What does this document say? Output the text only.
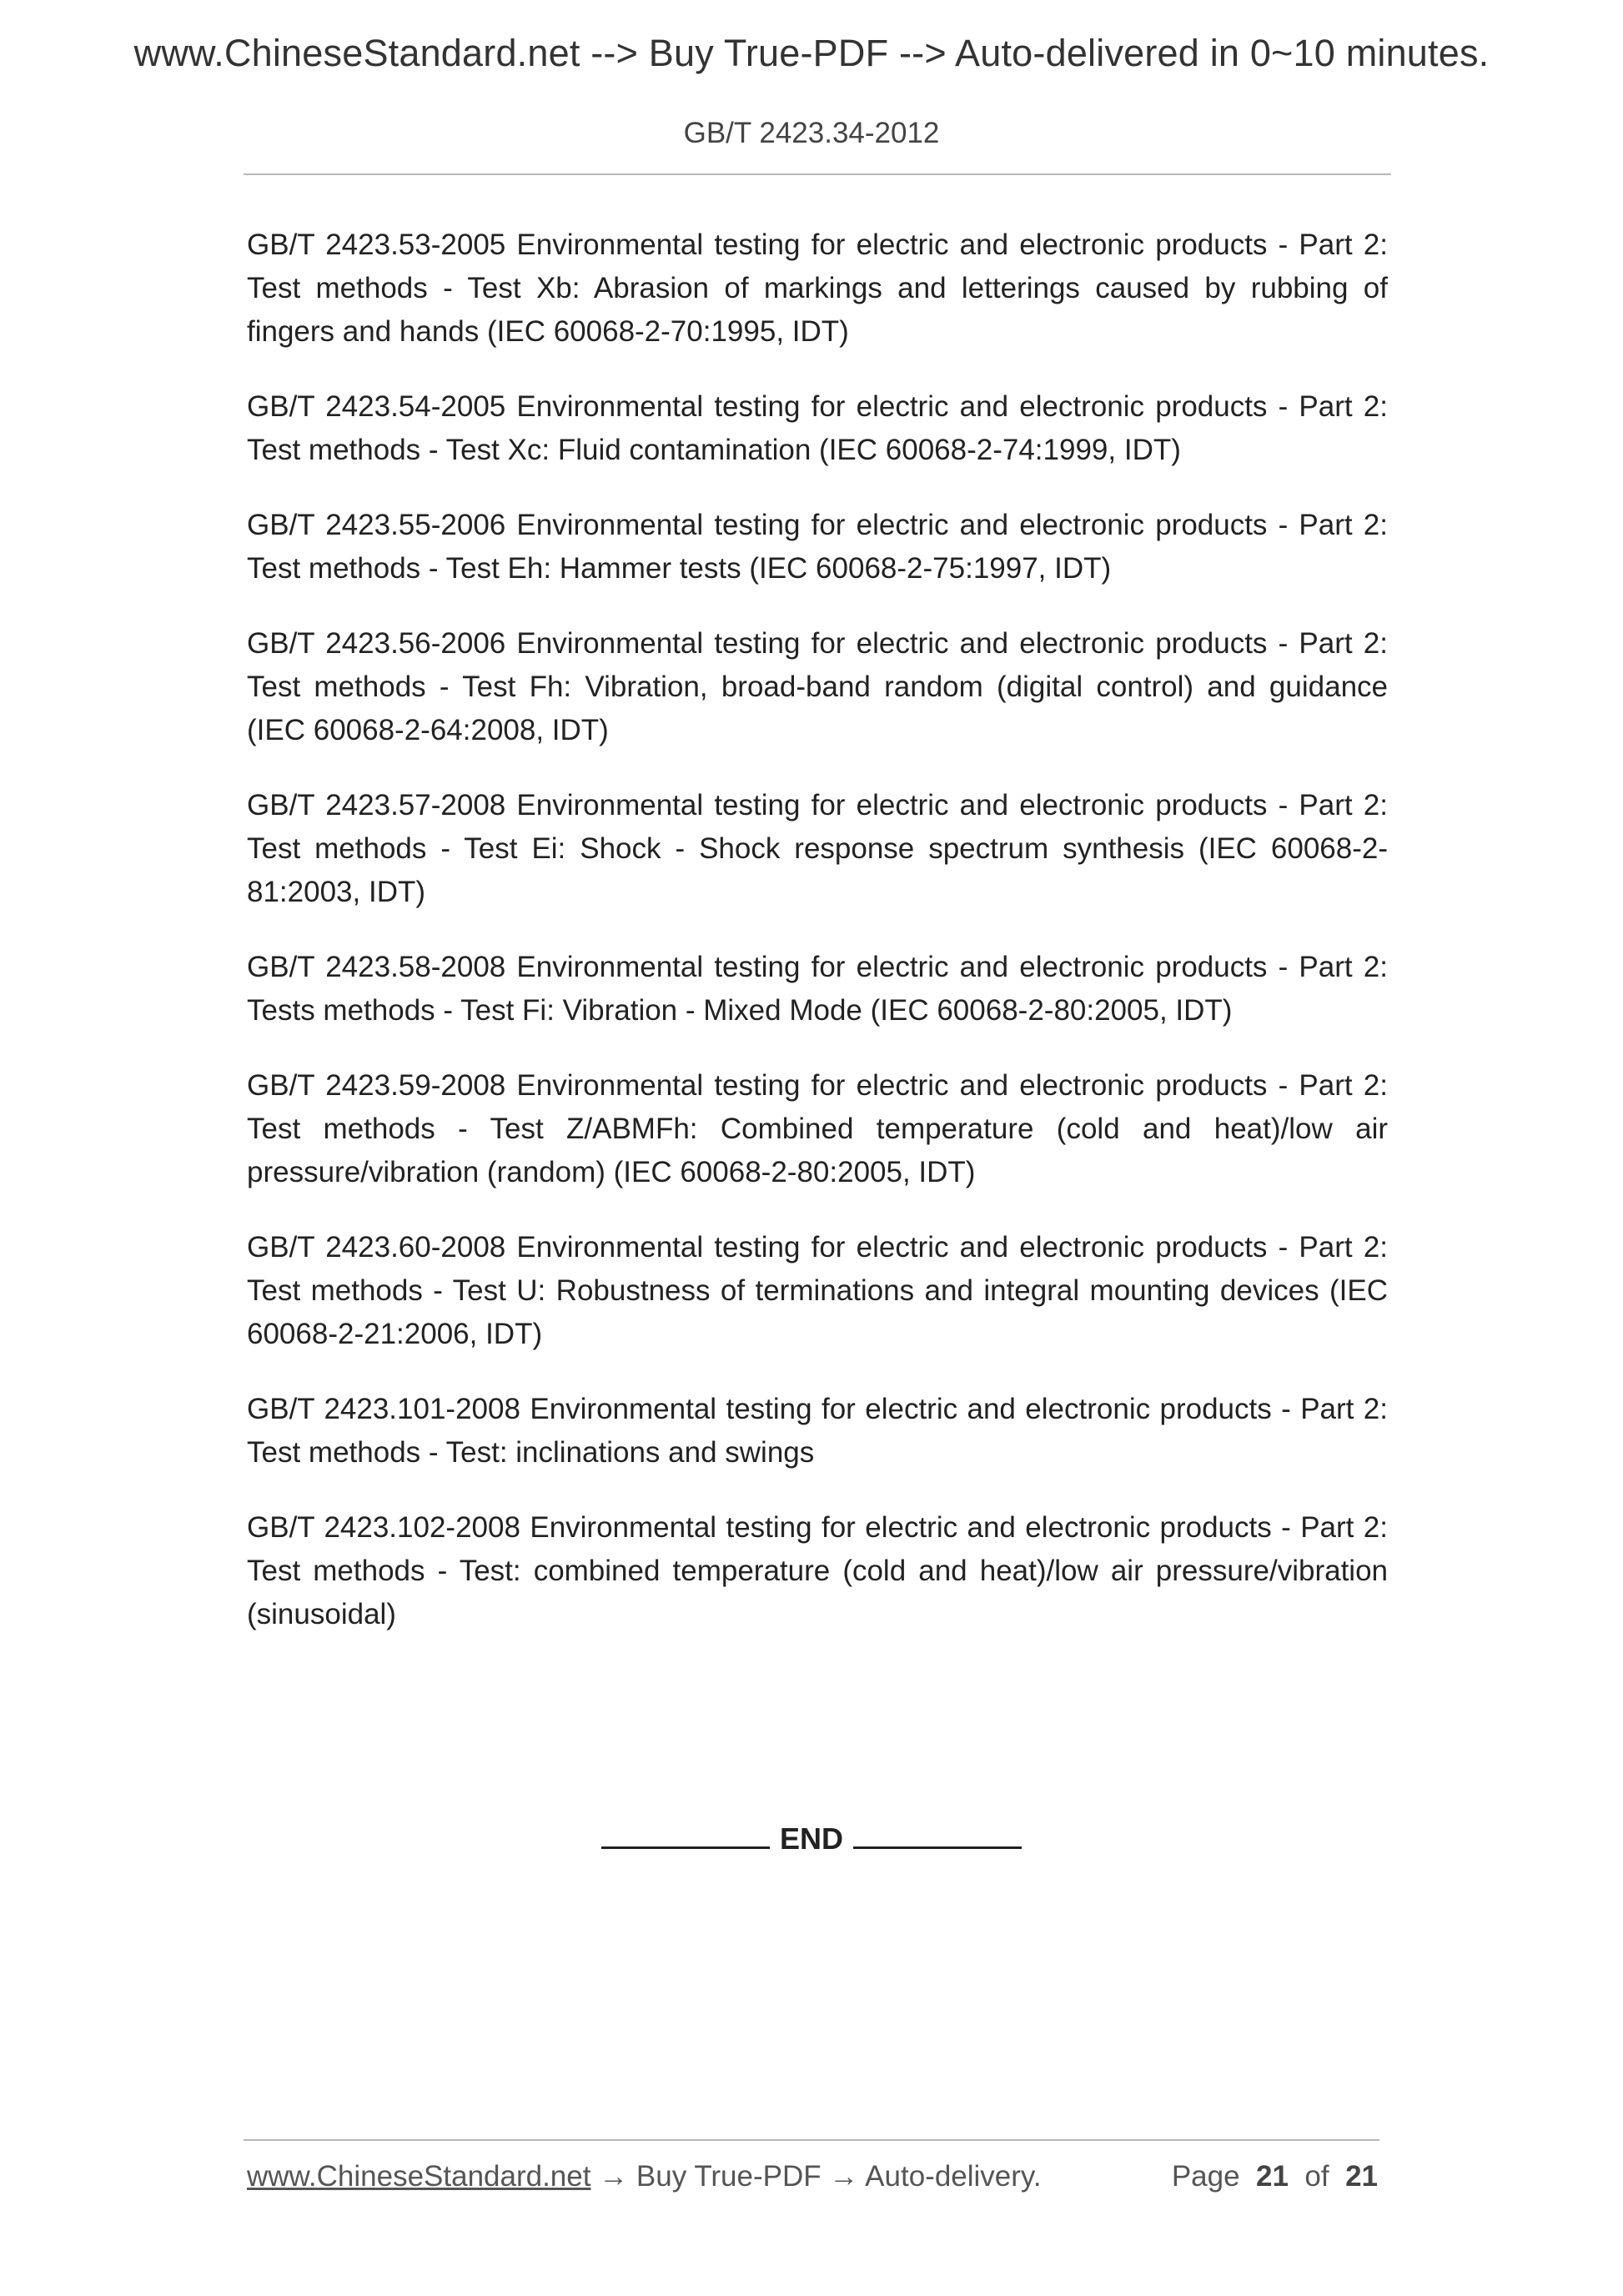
www.ChineseStandard.net --> Buy True-PDF --> Auto-delivered in 0~10 minutes.
GB/T 2423.34-2012

GB/T 2423.53-2005 Environmental testing for electric and electronic products - Part 2: Test methods - Test Xb: Abrasion of markings and letterings caused by rubbing of fingers and hands (IEC 60068-2-70:1995, IDT)

GB/T 2423.54-2005 Environmental testing for electric and electronic products - Part 2: Test methods - Test Xc: Fluid contamination (IEC 60068-2-74:1999, IDT)

GB/T 2423.55-2006 Environmental testing for electric and electronic products - Part 2: Test methods - Test Eh: Hammer tests (IEC 60068-2-75:1997, IDT)

GB/T 2423.56-2006 Environmental testing for electric and electronic products - Part 2: Test methods - Test Fh: Vibration, broad-band random (digital control) and guidance (IEC 60068-2-64:2008, IDT)

GB/T 2423.57-2008 Environmental testing for electric and electronic products - Part 2: Test methods - Test Ei: Shock - Shock response spectrum synthesis (IEC 60068-2-81:2003, IDT)

GB/T 2423.58-2008 Environmental testing for electric and electronic products - Part 2: Tests methods - Test Fi: Vibration - Mixed Mode (IEC 60068-2-80:2005, IDT)

GB/T 2423.59-2008 Environmental testing for electric and electronic products - Part 2: Test methods - Test Z/ABMFh: Combined temperature (cold and heat)/low air pressure/vibration (random) (IEC 60068-2-80:2005, IDT)

GB/T 2423.60-2008 Environmental testing for electric and electronic products - Part 2: Test methods - Test U: Robustness of terminations and integral mounting devices (IEC 60068-2-21:2006, IDT)

GB/T 2423.101-2008 Environmental testing for electric and electronic products - Part 2: Test methods - Test: inclinations and swings

GB/T 2423.102-2008 Environmental testing for electric and electronic products - Part 2: Test methods - Test: combined temperature (cold and heat)/low air pressure/vibration (sinusoidal)

END
www.ChineseStandard.net → Buy True-PDF → Auto-delivery.	Page 21 of 21
